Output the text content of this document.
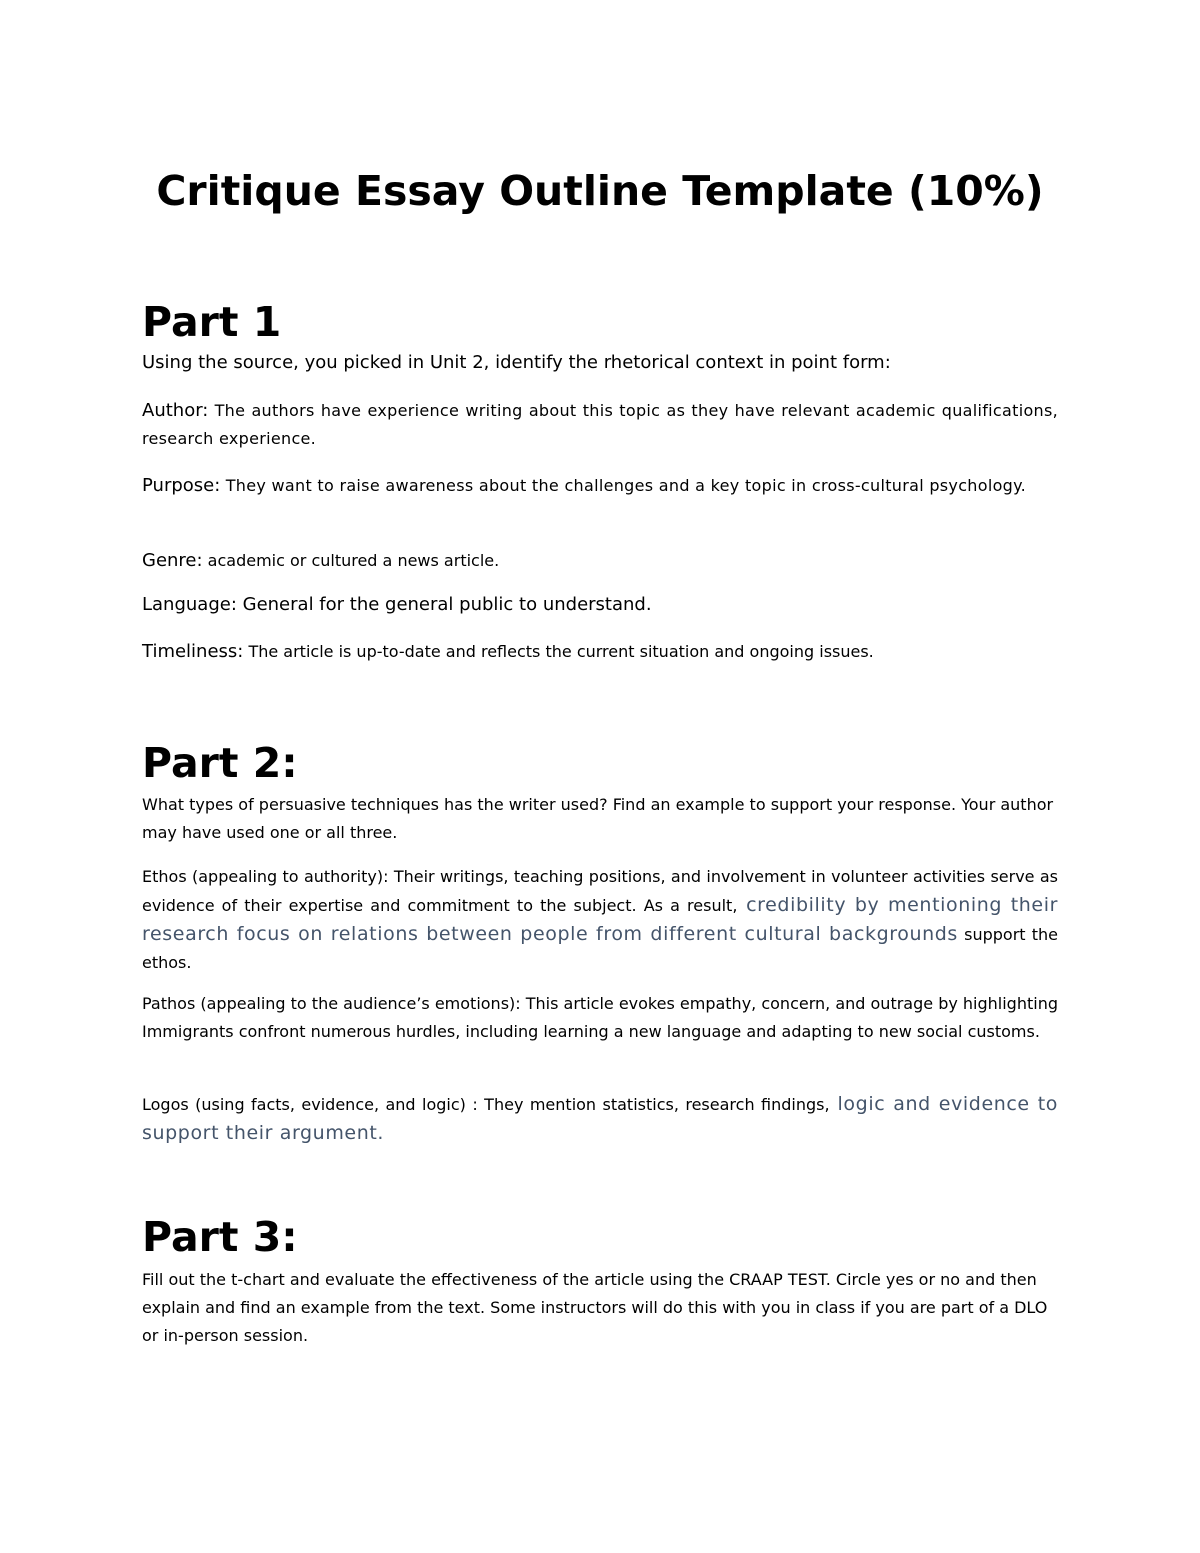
Critique Essay Outline Template (10%)
Part 1

Using the source, you picked in Unit 2, identify the rhetorical context in point form:

Author: The authors have experience writing about this topic as they have relevant academic qualifications, research experience.

Purpose: They want to raise awareness about the challenges and a key topic in cross-cultural psychology.

Genre: academic or cultured a news article.

Language: General for the general public to understand.

Timeliness: The article is up-to-date and reflects the current situation and ongoing issues.

Part 2:

What types of persuasive techniques has the writer used? Find an example to support your response. Your author may have used one or all three.

Ethos (appealing to authority): Their writings, teaching positions, and involvement in volunteer activities serve as evidence of their expertise and commitment to the subject. As a result, credibility by mentioning their research focus on relations between people from different cultural backgrounds support the ethos.

Pathos (appealing to the audience’s emotions): This article evokes empathy, concern, and outrage by highlighting Immigrants confront numerous hurdles, including learning a new language and adapting to new social customs.

Logos (using facts, evidence, and logic) : They mention statistics, research findings, logic and evidence to support their argument.

Part 3:

Fill out the t-chart and evaluate the effectiveness of the article using the CRAAP TEST. Circle yes or no and then explain and find an example from the text. Some instructors will do this with you in class if you are part of a DLO or in-person session.
